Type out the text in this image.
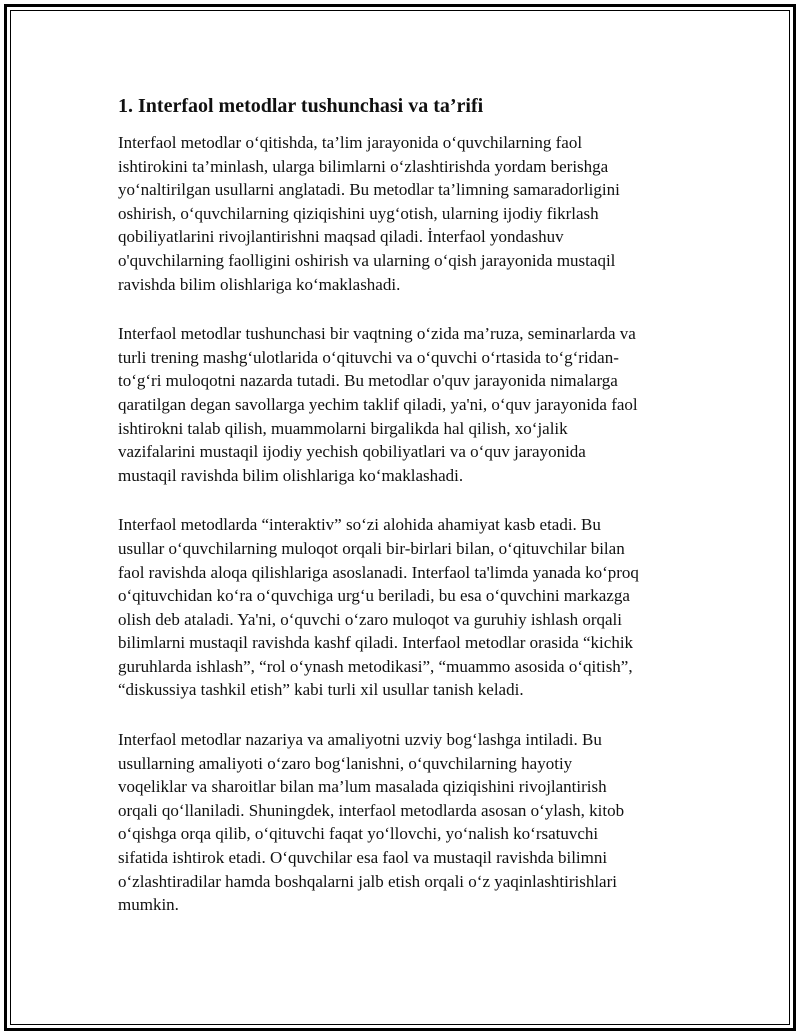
1. Interfaol metodlar tushunchasi va ta’rifi

Interfaol metodlar o‘qitishda, ta’lim jarayonida o‘quvchilarning faol
ishtirokini ta’minlash, ularga bilimlarni o‘zlashtirishda yordam berishga
yo‘naltirilgan usullarni anglatadi. Bu metodlar ta’limning samaradorligini
oshirish, o‘quvchilarning qiziqishini uyg‘otish, ularning ijodiy fikrlash
qobiliyatlarini rivojlantirishni maqsad qiladi. İnterfaol yondashuv
o'quvchilarning faolligini oshirish va ularning o‘qish jarayonida mustaqil
ravishda bilim olishlariga ko‘maklashadi.

Interfaol metodlar tushunchasi bir vaqtning o‘zida ma’ruza, seminarlarda va
turli trening mashg‘ulotlarida o‘qituvchi va o‘quvchi o‘rtasida to‘g‘ridan-
to‘g‘ri muloqotni nazarda tutadi. Bu metodlar o'quv jarayonida nimalarga
qaratilgan degan savollarga yechim taklif qiladi, ya'ni, o‘quv jarayonida faol
ishtirokni talab qilish, muammolarni birgalikda hal qilish, xo‘jalik
vazifalarini mustaqil ijodiy yechish qobiliyatlari va o‘quv jarayonida
mustaqil ravishda bilim olishlariga ko‘maklashadi.

Interfaol metodlarda “interaktiv” so‘zi alohida ahamiyat kasb etadi. Bu
usullar o‘quvchilarning muloqot orqali bir-birlari bilan, o‘qituvchilar bilan
faol ravishda aloqa qilishlariga asoslanadi. Interfaol ta'limda yanada ko‘proq
o‘qituvchidan ko‘ra o‘quvchiga urg‘u beriladi, bu esa o‘quvchini markazga
olish deb ataladi. Ya'ni, o‘quvchi o‘zaro muloqot va guruhiy ishlash orqali
bilimlarni mustaqil ravishda kashf qiladi. Interfaol metodlar orasida “kichik
guruhlarda ishlash”, “rol o‘ynash metodikasi”, “muammo asosida o‘qitish”,
“diskussiya tashkil etish” kabi turli xil usullar tanish keladi.

Interfaol metodlar nazariya va amaliyotni uzviy bog‘lashga intiladi. Bu
usullarning amaliyoti o‘zaro bog‘lanishni, o‘quvchilarning hayotiy
voqeliklar va sharoitlar bilan ma’lum masalada qiziqishini rivojlantirish
orqali qo‘llaniladi. Shuningdek, interfaol metodlarda asosan o‘ylash, kitob
o‘qishga orqa qilib, o‘qituvchi faqat yo‘llovchi, yo‘nalish ko‘rsatuvchi
sifatida ishtirok etadi. O‘quvchilar esa faol va mustaqil ravishda bilimni
o‘zlashtiradilar hamda boshqalarni jalb etish orqali o‘z yaqinlashtirishlari
mumkin.
